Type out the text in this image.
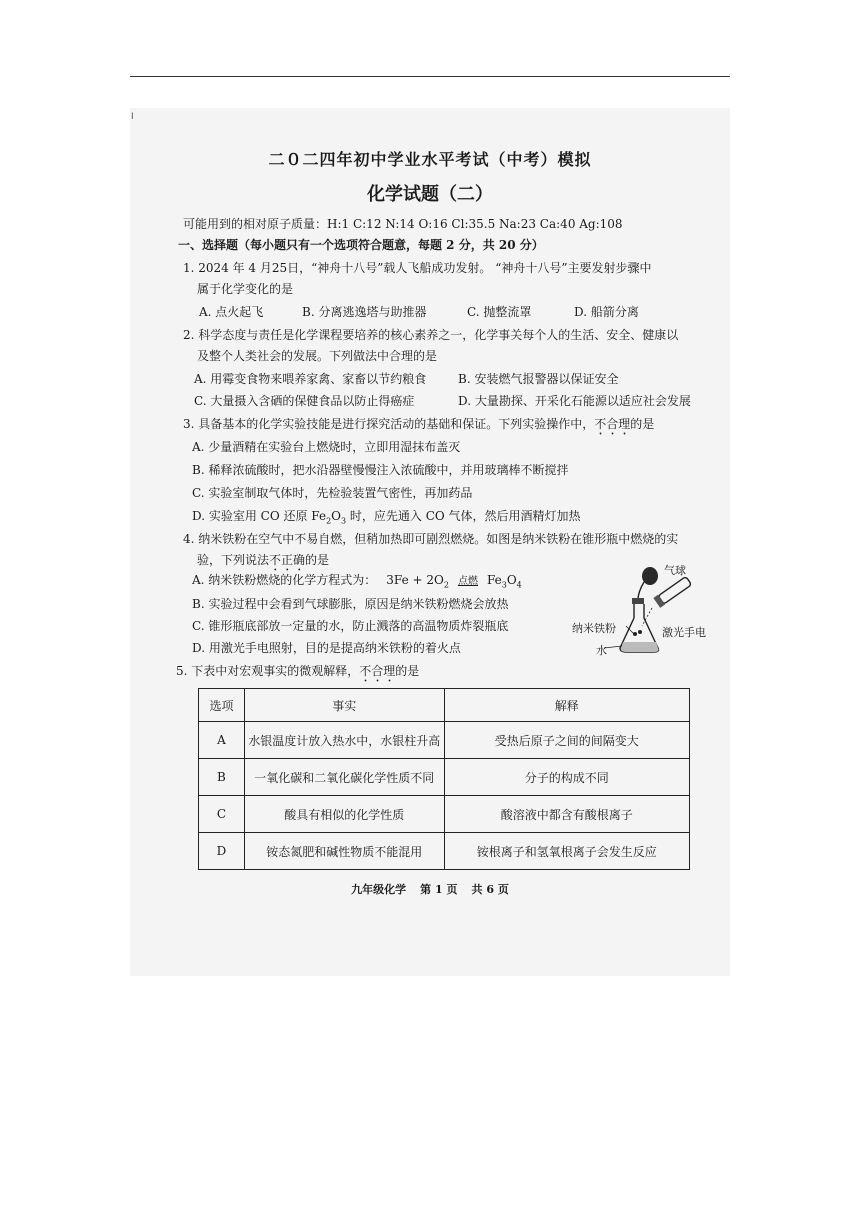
I
二０二四年初中学业水平考试（中考）模拟
化学试题（二）
可能用到的相对原子质量：H:1 C:12 N:14 O:16 Cl:35.5 Na:23 Ca:40 Ag:108
一、选择题（每小题只有一个选项符合题意，每题 2 分，共 20 分）
1. 2024 年 4 月25日，“神舟十八号”载人飞船成功发射。 “神舟十八号”主要发射步骤中
属于化学变化的是
A. 点火起飞	B. 分离逃逸塔与助推器	C. 抛整流罩	D. 船箭分离
2. 科学态度与责任是化学课程要培养的核心素养之一，化学事关每个人的生活、安全、健康以
及整个人类社会的发展。下列做法中合理的是
A. 用霉变食物来喂养家禽、家畜以节约粮食	B. 安装燃气报警器以保证安全
C. 大量摄入含硒的保健食品以防止得癌症	D. 大量勘探、开采化石能源以适应社会发展
3. 具备基本的化学实验技能是进行探究活动的基础和保证。下列实验操作中，不合理的是
A. 少量酒精在实验台上燃烧时，立即用湿抹布盖灭
B. 稀释浓硫酸时，把水沿器壁慢慢注入浓硫酸中，并用玻璃棒不断搅拌
C. 实验室制取气体时，先检验装置气密性，再加药品
D. 实验室用 CO 还原 $Fe_2O_3$ 时，应先通入 CO 气体，然后用酒精灯加热
4. 纳米铁粉在空气中不易自燃，但稍加热即可剧烈燃烧。如图是纳米铁粉在锥形瓶中燃烧的实
验，下列说法不正确的是
A. 纳米铁粉燃烧的化学方程式为： $3Fe + 2O_2$ 点燃 $Fe_3O_4$
B. 实验过程中会看到气球膨胀，原因是纳米铁粉燃烧会放热
C. 锥形瓶底部放一定量的水，防止溅落的高温物质炸裂瓶底
D. 用激光手电照射，目的是提高纳米铁粉的着火点
气球
纳米铁粉	激光手电
水
5. 下表中对宏观事实的微观解释，不合理的是
选项	事实	解释
A	水银温度计放入热水中，水银柱升高	受热后原子之间的间隔变大
B	一氧化碳和二氧化碳化学性质不同	分子的构成不同
C	酸具有相似的化学性质	酸溶液中都含有酸根离子
D	铵态氮肥和碱性物质不能混用	铵根离子和氢氧根离子会发生反应
九年级化学 第 1 页 共 6 页
